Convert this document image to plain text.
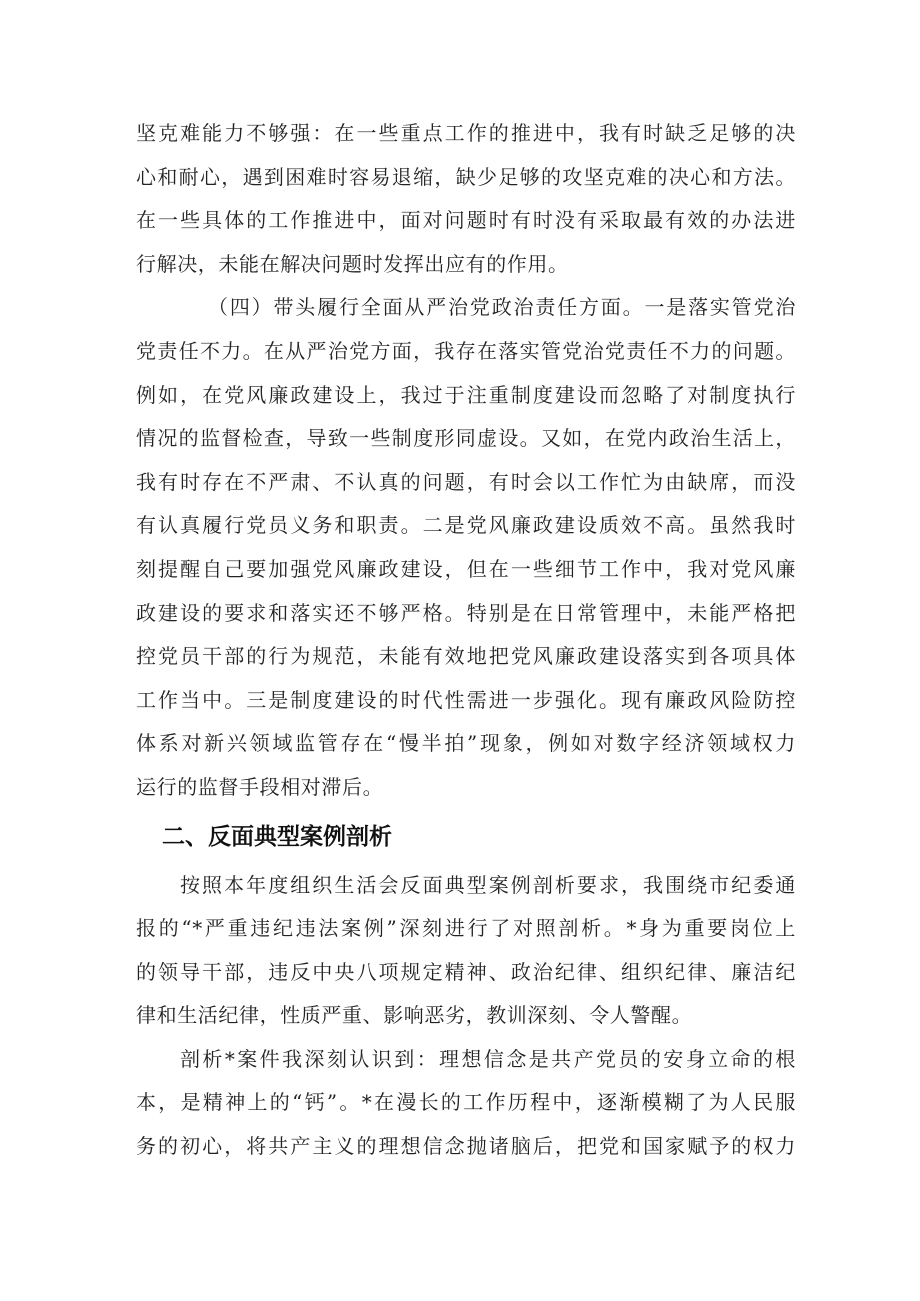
坚克难能力不够强：在一些重点工作的推进中，我有时缺乏足够的决
心和耐心，遇到困难时容易退缩，缺少足够的攻坚克难的决心和方法。
在一些具体的工作推进中，面对问题时有时没有采取最有效的办法进
行解决，未能在解决问题时发挥出应有的作用。
（四）带头履行全面从严治党政治责任方面。一是落实管党治
党责任不力。在从严治党方面，我存在落实管党治党责任不力的问题。
例如，在党风廉政建设上，我过于注重制度建设而忽略了对制度执行
情况的监督检查，导致一些制度形同虚设。又如，在党内政治生活上，
我有时存在不严肃、不认真的问题，有时会以工作忙为由缺席，而没
有认真履行党员义务和职责。二是党风廉政建设质效不高。虽然我时
刻提醒自己要加强党风廉政建设，但在一些细节工作中，我对党风廉
政建设的要求和落实还不够严格。特别是在日常管理中，未能严格把
控党员干部的行为规范，未能有效地把党风廉政建设落实到各项具体
工作当中。三是制度建设的时代性需进一步强化。现有廉政风险防控
体系对新兴领域监管存在“慢半拍”现象，例如对数字经济领域权力
运行的监督手段相对滞后。
二、反面典型案例剖析
按照本年度组织生活会反面典型案例剖析要求，我围绕市纪委通
报的“*严重违纪违法案例”深刻进行了对照剖析。*身为重要岗位上
的领导干部，违反中央八项规定精神、政治纪律、组织纪律、廉洁纪
律和生活纪律，性质严重、影响恶劣，教训深刻、令人警醒。
剖析*案件我深刻认识到：理想信念是共产党员的安身立命的根
本，是精神上的“钙”。*在漫长的工作历程中，逐渐模糊了为人民服
务的初心，将共产主义的理想信念抛诸脑后，把党和国家赋予的权力
